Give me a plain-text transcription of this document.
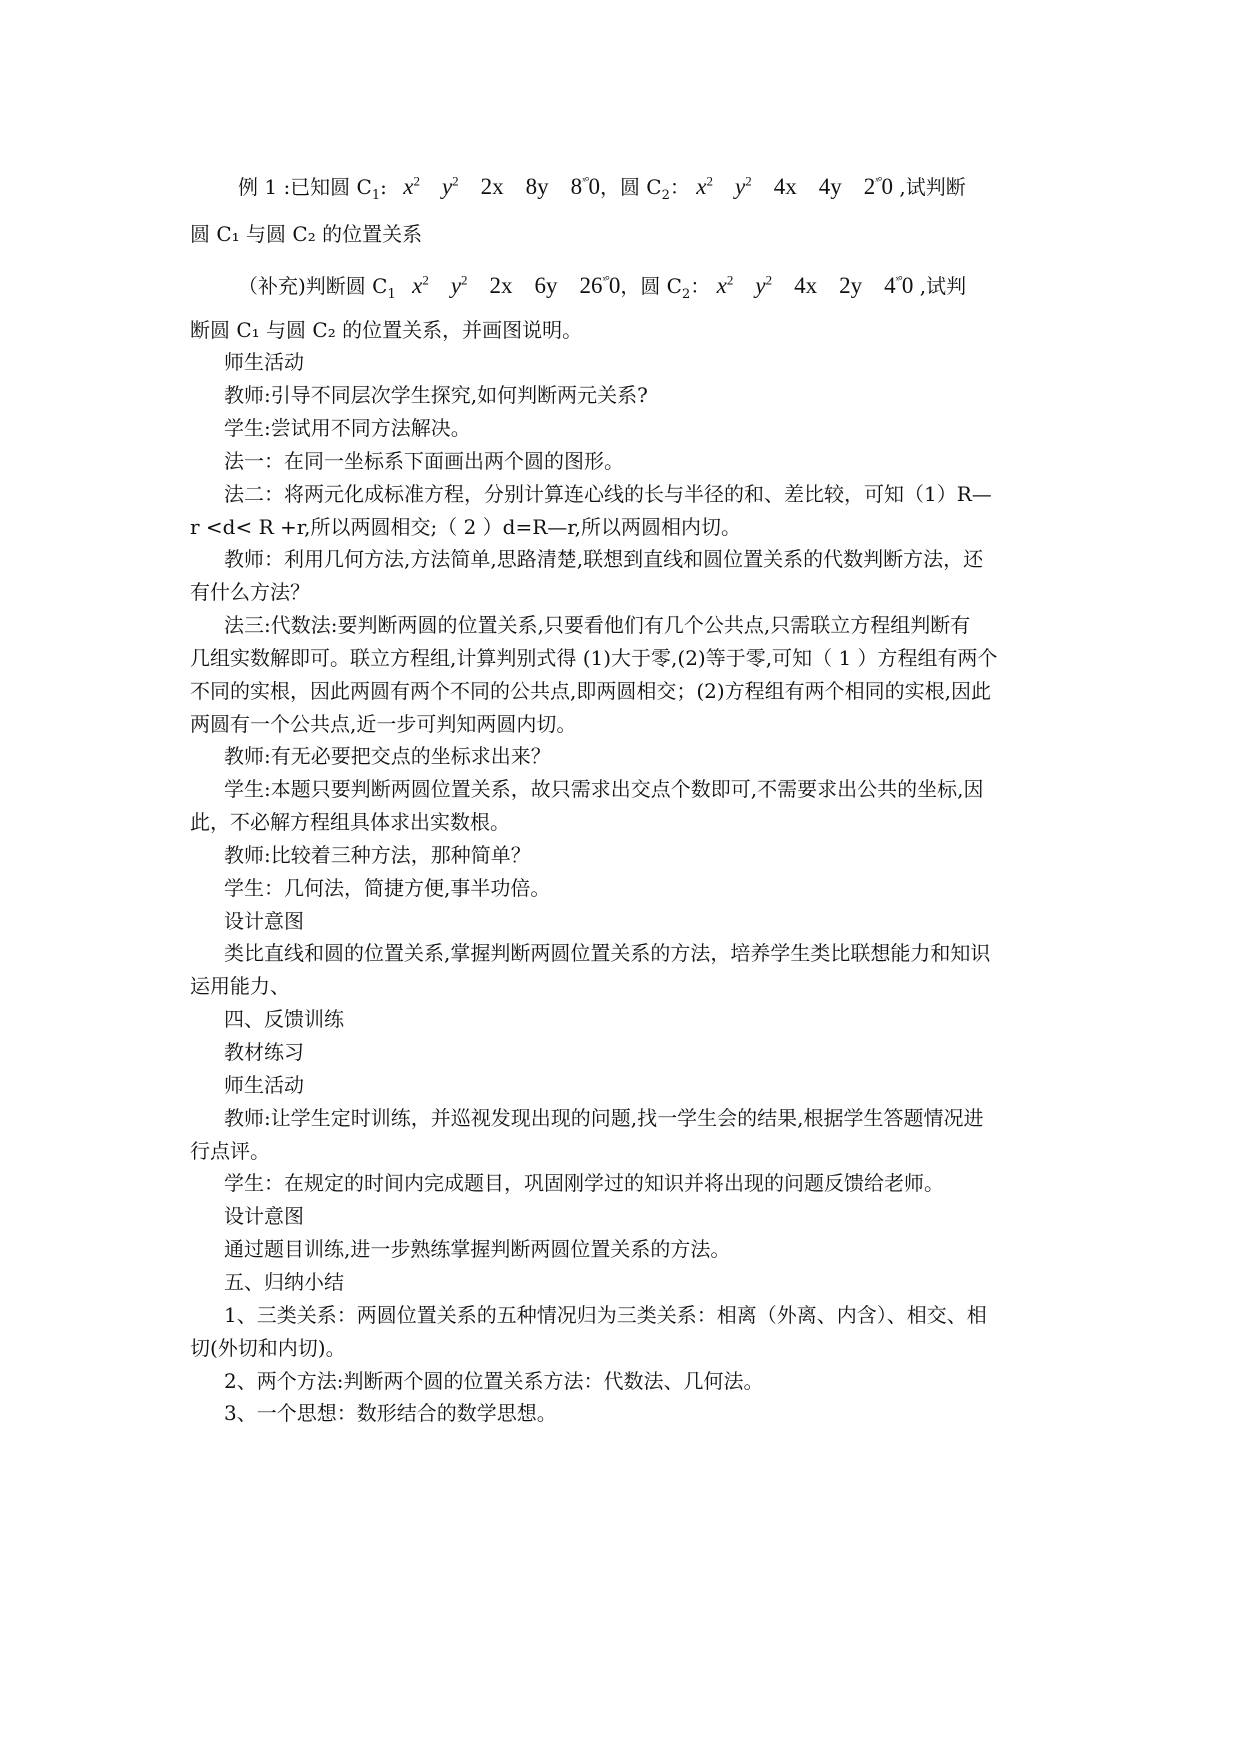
例 1 :已知圆 $C_1$: $x^2$ $y^2$ 2x 8y $8^{ˣ^\circ}0$，圆 $C_2$： $x^2$ $y^2$ 4x 4y $2^{ˣ^\circ}0$ ,试判断
圆 C₁ 与圆 C₂ 的位置关系
（补充)判断圆 $C_1$ $x^2$ $y^2$ 2x 6y $26^{ˣ^\circ}0$，圆 $C_2$： $x^2$ $y^2$ 4x 2y $4^{ˣ^\circ}0$ ,试判
断圆 C₁ 与圆 C₂ 的位置关系，并画图说明。
师生活动
教师:引导不同层次学生探究,如何判断两元关系?
学生:尝试用不同方法解决。
法一：在同一坐标系下面画出两个圆的图形。
法二：将两元化成标准方程，分别计算连心线的长与半径的和、差比较，可知（1）R—
r <d< R +r,所以两圆相交;（ 2 ）d=R—r,所以两圆相内切。
教师：利用几何方法,方法简单,思路清楚,联想到直线和圆位置关系的代数判断方法，还
有什么方法？
法三:代数法:要判断两圆的位置关系,只要看他们有几个公共点,只需联立方程组判断有
几组实数解即可。联立方程组,计算判别式得 (1)大于零,(2)等于零,可知（ 1 ）方程组有两个
不同的实根，因此两圆有两个不同的公共点,即两圆相交；(2)方程组有两个相同的实根,因此
两圆有一个公共点,近一步可判知两圆内切。
教师:有无必要把交点的坐标求出来？
学生:本题只要判断两圆位置关系，故只需求出交点个数即可,不需要求出公共的坐标,因
此，不必解方程组具体求出实数根。
教师:比较着三种方法，那种简单？
学生：几何法，简捷方便,事半功倍。
设计意图
类比直线和圆的位置关系,掌握判断两圆位置关系的方法，培养学生类比联想能力和知识
运用能力、
四、反馈训练
教材练习
师生活动
教师:让学生定时训练，并巡视发现出现的问题,找一学生会的结果,根据学生答题情况进
行点评。
学生：在规定的时间内完成题目，巩固刚学过的知识并将出现的问题反馈给老师。
设计意图
通过题目训练,进一步熟练掌握判断两圆位置关系的方法。
五、归纳小结
1、三类关系：两圆位置关系的五种情况归为三类关系：相离（外离、内含）、相交、相
切(外切和内切)。
2、两个方法:判断两个圆的位置关系方法：代数法、几何法。
3、一个思想：数形结合的数学思想。
